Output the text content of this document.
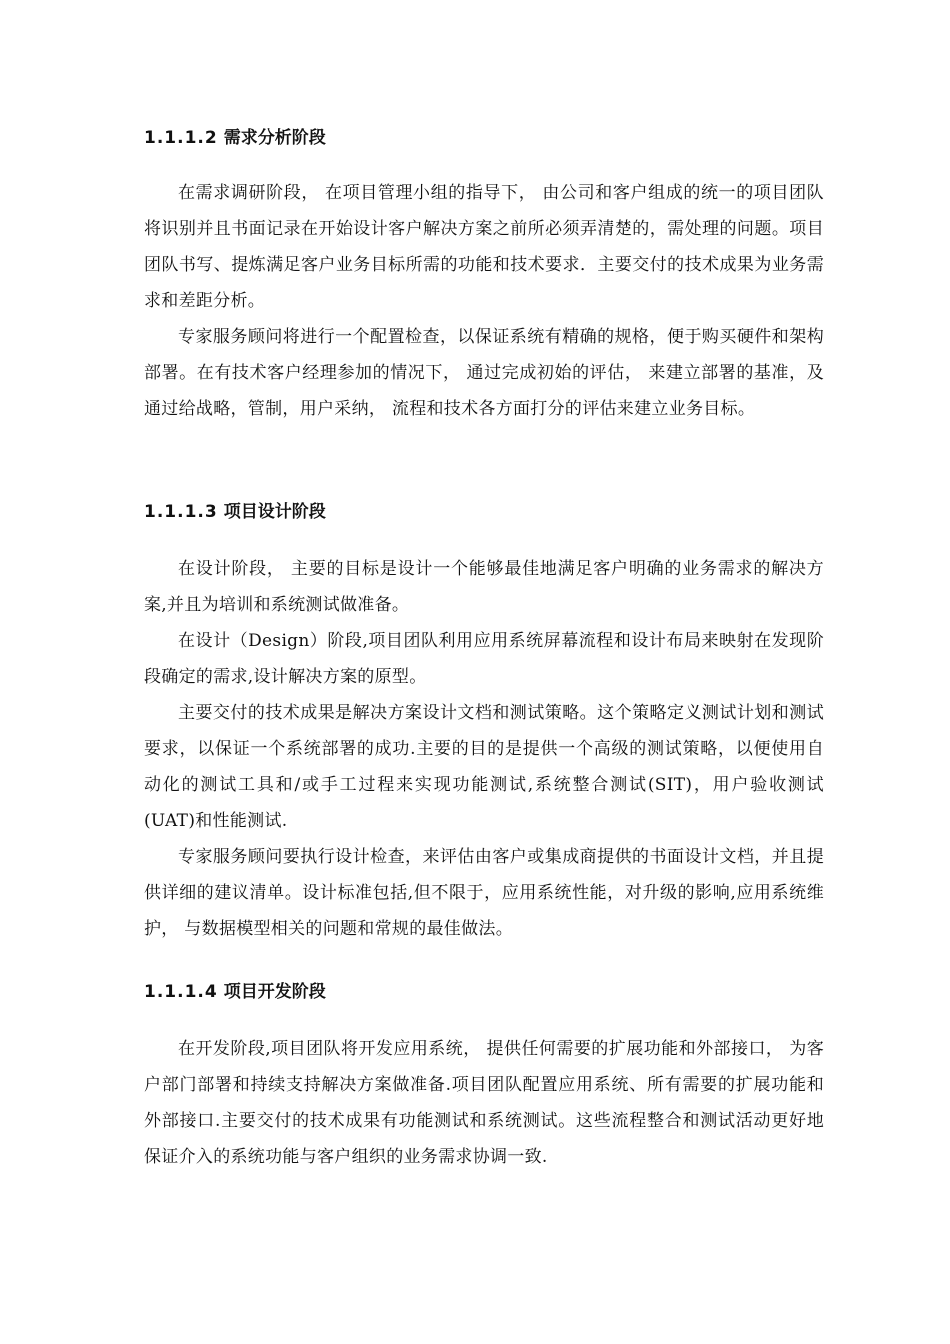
1.1.1.2 需求分析阶段

在需求调研阶段， 在项目管理小组的指导下， 由公司和客户组成的统一的项目团队将识别并且书面记录在开始设计客户解决方案之前所必须弄清楚的，需处理的问题。项目团队书写、提炼满足客户业务目标所需的功能和技术要求．主要交付的技术成果为业务需求和差距分析。

专家服务顾问将进行一个配置检查，以保证系统有精确的规格，便于购买硬件和架构部署。在有技术客户经理参加的情况下， 通过完成初始的评估， 来建立部署的基准，及通过给战略，管制，用户采纳， 流程和技术各方面打分的评估来建立业务目标。

1.1.1.3 项目设计阶段

在设计阶段， 主要的目标是设计一个能够最佳地满足客户明确的业务需求的解决方案,并且为培训和系统测试做准备。

在设计（Design）阶段,项目团队利用应用系统屏幕流程和设计布局来映射在发现阶段确定的需求,设计解决方案的原型。

主要交付的技术成果是解决方案设计文档和测试策略。这个策略定义测试计划和测试要求，以保证一个系统部署的成功.主要的目的是提供一个高级的测试策略，以便使用自动化的测试工具和/或手工过程来实现功能测试,系统整合测试(SIT)，用户验收测试 (UAT)和性能测试.

专家服务顾问要执行设计检查，来评估由客户或集成商提供的书面设计文档，并且提供详细的建议清单。设计标准包括,但不限于，应用系统性能，对升级的影响,应用系统维护， 与数据模型相关的问题和常规的最佳做法。

1.1.1.4 项目开发阶段

在开发阶段,项目团队将开发应用系统， 提供任何需要的扩展功能和外部接口， 为客户部门部署和持续支持解决方案做准备.项目团队配置应用系统、所有需要的扩展功能和外部接口.主要交付的技术成果有功能测试和系统测试。这些流程整合和测试活动更好地保证介入的系统功能与客户组织的业务需求协调一致.
